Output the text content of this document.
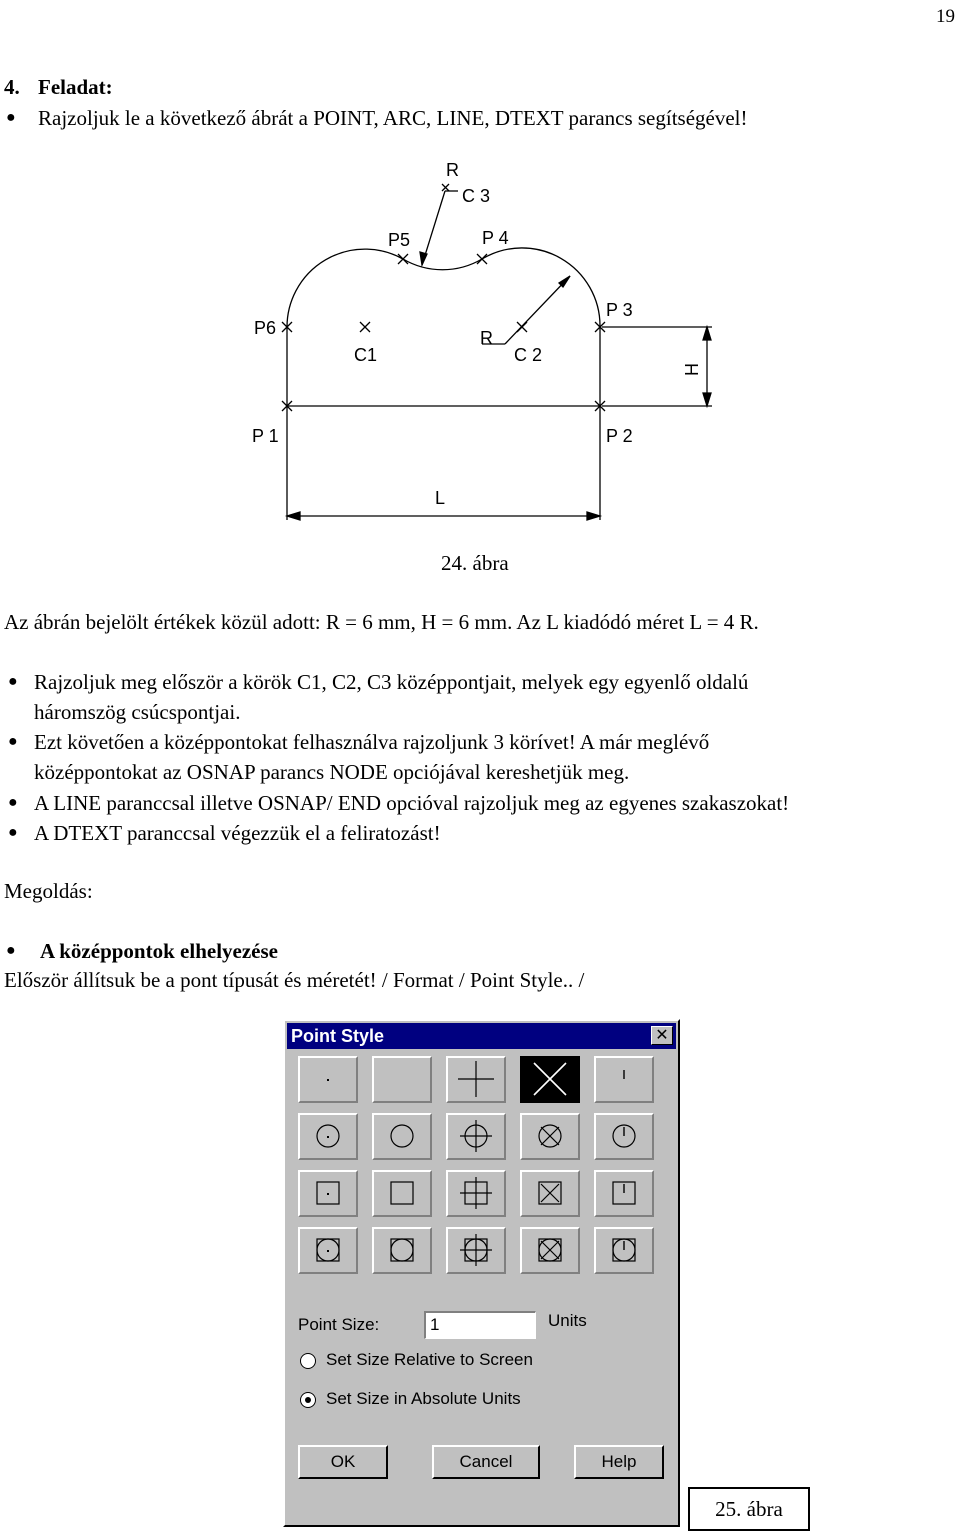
19
4. Feladat:
● Rajzoljuk le a következő ábrát a POINT, ARC, LINE, DTEXT parancs segítségével!
R
C 3
P5	P 4
P6
C1
R
C 2
P 3
H
P 1	P 2
L
24. ábra
Az ábrán bejelölt értékek közül adott: R = 6 mm, H = 6 mm. Az L kiadódó méret L = 4 R.
● Rajzoljuk meg először a körök C1, C2, C3 középpontjait, melyek egy egyenlő oldalú
háromszög csúcspontjai.
● Ezt követően a középpontokat felhasználva rajzoljunk 3 körívet! A már meglévő
középpontokat az OSNAP parancs NODE opciójával kereshetjük meg.
● A LINE paranccsal illetve OSNAP/ END opcióval rajzoljuk meg az egyenes szakaszokat!
● A DTEXT paranccsal végezzük el a feliratozást!
Megoldás:
● A középpontok elhelyezése
Először állítsuk be a pont típusát és méretét! / Format / Point Style.. /
Point Style	✕
Point Size:	1	Units
Set Size Relative to Screen
Set Size in Absolute Units
OK	Cancel	Help
25. ábra
